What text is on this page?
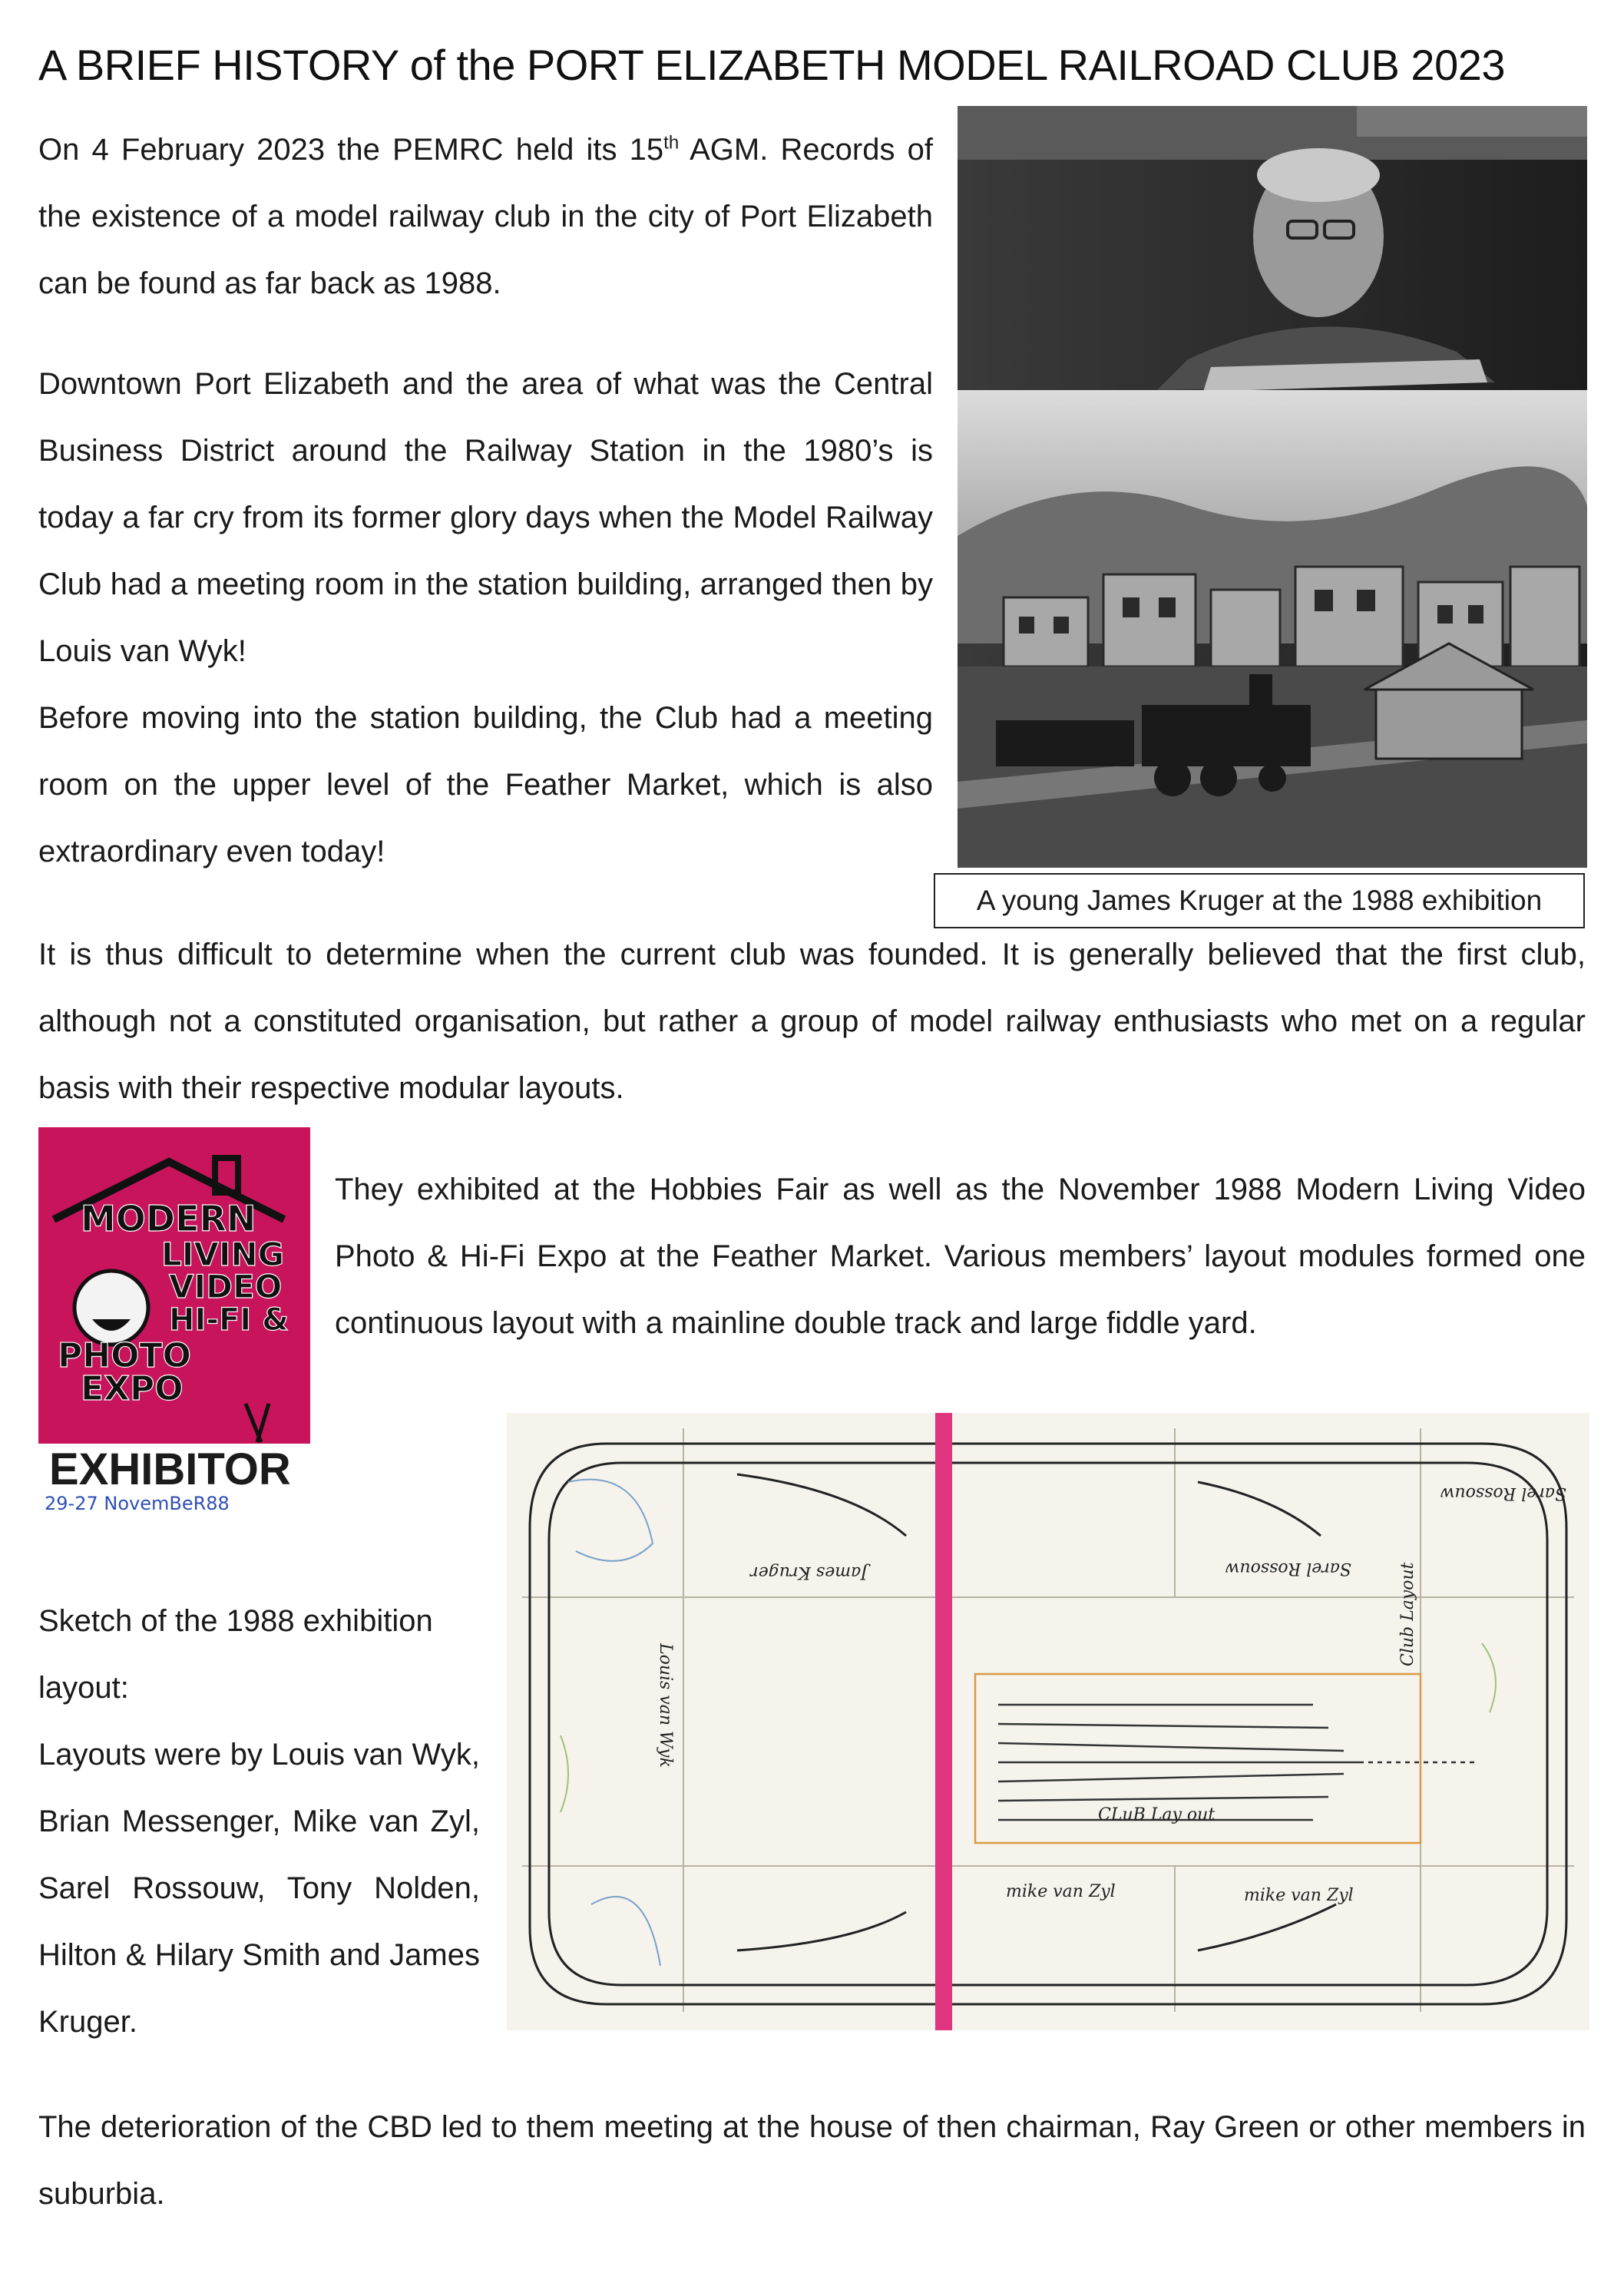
A BRIEF HISTORY of the PORT ELIZABETH MODEL RAILROAD CLUB 2023

On 4 February 2023 the PEMRC held its 15th AGM. Records of the existence of a model railway club in the city of Port Elizabeth can be found as far back as 1988.

Downtown Port Elizabeth and the area of what was the Central Business District around the Railway Station in the 1980’s is today a far cry from its former glory days when the Model Railway Club had a meeting room in the station building, arranged then by Louis van Wyk!

Before moving into the station building, the Club had a meeting room on the upper level of the Feather Market, which is also extraordinary even today!

A young James Kruger at the 1988 exhibition

It is thus difficult to determine when the current club was founded. It is generally believed that the first club, although not a constituted organisation, but rather a group of model railway enthusiasts who met on a regular basis with their respective modular layouts.

MODERN
LIVING
VIDEO
HI-FI &
PHOTO
EXPO
EXHIBITOR
29-27 NovemBeR88

They exhibited at the Hobbies Fair as well as the November 1988 Modern Living Video Photo & Hi-Fi Expo at the Feather Market. Various members’ layout modules formed one continuous layout with a mainline double track and large fiddle yard.

Sketch of the 1988 exhibition layout:

Layouts were by Louis van Wyk, Brian Messenger, Mike van Zyl, Sarel Rossouw, Tony Nolden, Hilton & Hilary Smith and James Kruger.

James Kruger	Sarel Rossouw
Sarel Rossouw
Louis van Wyk
Club Layout
CLuB Lay out
mike van Zyl	mike van Zyl

The deterioration of the CBD led to them meeting at the house of then chairman, Ray Green or other members in suburbia.
